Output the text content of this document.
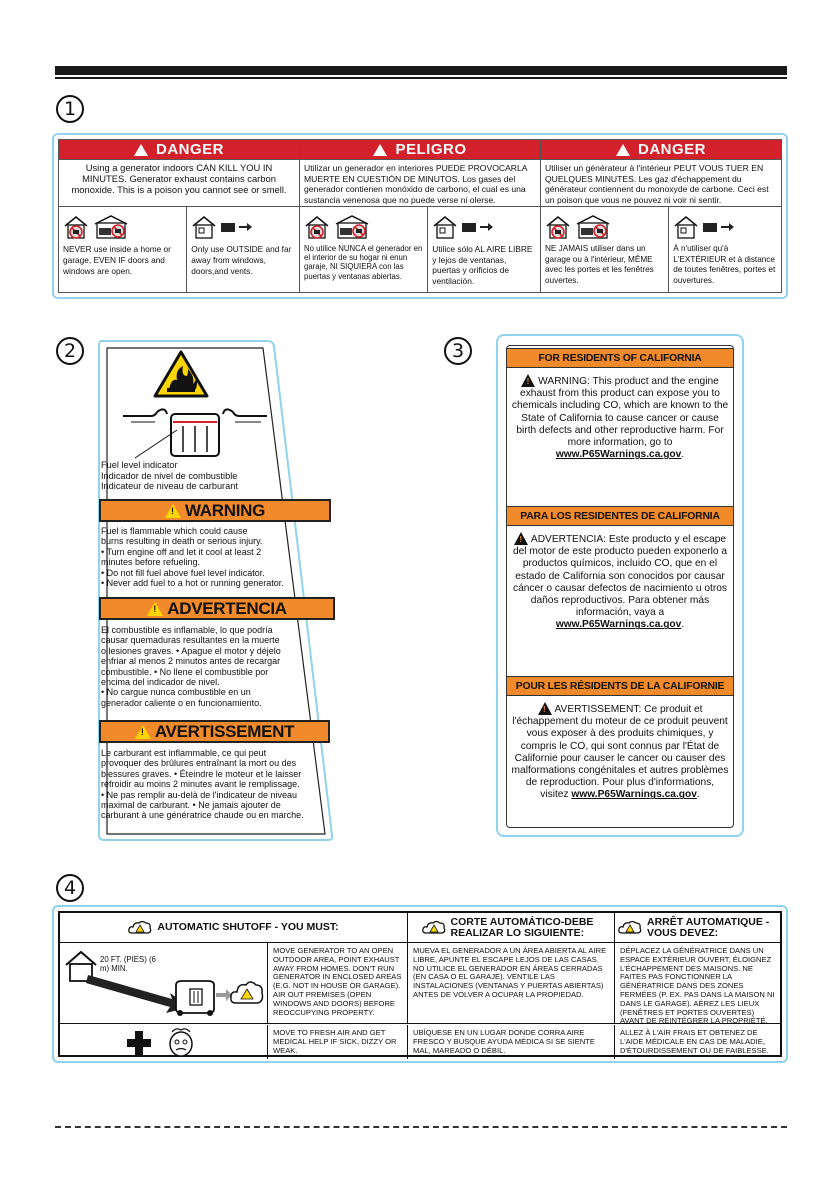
1
DANGER
Using a generator indoors CAN KILL YOU IN MINUTES. Generator exhaust contains carbon monoxide. This is a poison you cannot see or smell.
NEVER use inside a home or garage, EVEN IF doors and windows are open.
Only use OUTSIDE and far away from windows, doors,and vents.
PELIGRO
Utilizar un generador en interiores PUEDE PROVOCARLA MUERTE EN CUESTIÓN DE MINUTOS. Los gases del generador contienen monóxido de carbono, el cual es una sustancia venenosa que no puede verse ni olerse.
No utilice NUNCA el generador en el interior de su hogar ni enun garaje, NI SIQUIERA con las puertas y ventanas abiertas.
Utilice sólo AL AIRE LIBRE y lejos de ventanas, puertas y orificios de ventilación.
DANGER
Utiliser un générateur à l'intérieur PEUT VOUS TUER EN QUELQUES MINUTES. Les gaz d'échappement du générateur contiennent du monoxyde de carbone. Ceci est un poison que vous ne pouvez ni voir ni sentir.
NE JAMAIS utiliser dans un garage ou à l'intérieur, MÊME avec les portes et les fenêtres ouvertes.
À n'utiliser qu'à L'EXTÉRIEUR et à distance de toutes fenêtres, portes et ouvertures.
2
Fuel level indicator
Indicador de nivel de combustible
Indicateur de niveau de carburant
!
WARNING
Fuel is flammable which could cause
burns resulting in death or serious injury.
• Turn engine off and let it cool at least 2
minutes before refueling.
• Do not fill fuel above fuel level indicator.
• Never add fuel to a hot or running generator.
!
ADVERTENCIA
El combustible es inflamable, lo que podría
causar quemaduras resultantes en la muerte
o lesiones graves. • Apague el motor y déjelo
enfriar al menos 2 minutos antes de recargar
combustible. • No llene el combustible por
encima del indicador de nivel.
• No cargue nunca combustible en un
generador caliente o en funcionamiento.
!
AVERTISSEMENT
Le carburant est inflammable, ce qui peut
provoquer des brûlures entraînant la mort ou des
blessures graves. • Éteindre le moteur et le laisser
refroidir au moins 2 minutes avant le remplissage.
• Ne pas remplir au-delà de l'indicateur de niveau
maximal de carburant. • Ne jamais ajouter de
carburant à une génératrice chaude ou en marche.
3	FOR RESIDENTS OF CALIFORNIA
!WARNING: This product and the engine exhaust from this product can expose you to chemicals including CO, which are known to the State of California to cause cancer or cause birth defects and other reproductive harm. For more information, go to www.P65Warnings.ca.gov.
PARA LOS RESIDENTES DE CALIFORNIA
!ADVERTENCIA: Este producto y el escape del motor de este producto pueden exponerlo a productos químicos, incluido CO, que en el estado de California son conocidos por causar cáncer o causar defectos de nacimiento u otros daños reproductivos. Para obtener más información, vaya a www.P65Warnings.ca.gov.
POUR LES RÉSIDENTS DE LA CALIFORNIE
!AVERTISSEMENT: Ce produit et l'échappement du moteur de ce produit peuvent vous exposer à des produits chimiques, y compris le CO, qui sont connus par l'État de Californie pour causer le cancer ou causer des malformations congénitales et autres problèmes de reproduction. Pour plus d'informations, visitez www.P65Warnings.ca.gov.
4
AUTOMATIC SHUTOFF - YOU MUST:	CORTE AUTOMÁTICO-DEBE REALIZAR LO SIGUIENTE:
ARRÊT AUTOMATIQUE - VOUS DEVEZ:
20 FT. (PIES) (6 m) MIN.
MOVE GENERATOR TO AN OPEN OUTDOOR AREA, POINT EXHAUST AWAY FROM HOMES. DON'T RUN GENERATOR IN ENCLOSED AREAS (E.G. NOT IN HOUSE OR GARAGE). AIR OUT PREMISES (OPEN WINDOWS AND DOORS) BEFORE REOCCUPYING PROPERTY.
MUEVA EL GENERADOR A UN ÁREA ABIERTA AL AIRE LIBRE, APUNTE EL ESCAPE LEJOS DE LAS CASAS. NO UTILICE EL GENERADOR EN ÁREAS CERRADAS (EN CASA O EL GARAJE). VENTILE LAS INSTALACIONES (VENTANAS Y PUERTAS ABIERTAS) ANTES DE VOLVER A OCUPAR LA PROPIEDAD.
DÉPLACEZ LA GÉNÉRATRICE DANS UN ESPACE EXTÉRIEUR OUVERT, ÉLOIGNEZ L'ÉCHAPPEMENT DES MAISONS. NE FAITES PAS FONCTIONNER LA GÉNÉRATRICE DANS DES ZONES FERMÉES (P. EX. PAS DANS LA MAISON NI DANS LE GARAGE). AÉREZ LES LIEUX (FENÊTRES ET PORTES OUVERTES) AVANT DE RÉINTÉGRER LA PROPRIÉTÉ.
MOVE TO FRESH AIR AND GET MEDICAL HELP IF SICK, DIZZY OR WEAK.
UBÍQUESE EN UN LUGAR DONDE CORRA AIRE FRESCO Y BUSQUE AYUDA MÉDICA SI SE SIENTE MAL, MAREADO O DÉBIL.
ALLEZ À L'AIR FRAIS ET OBTENEZ DE L'AIDE MÉDICALE EN CAS DE MALADIE, D'ÉTOURDISSEMENT OU DE FAIBLESSE.
